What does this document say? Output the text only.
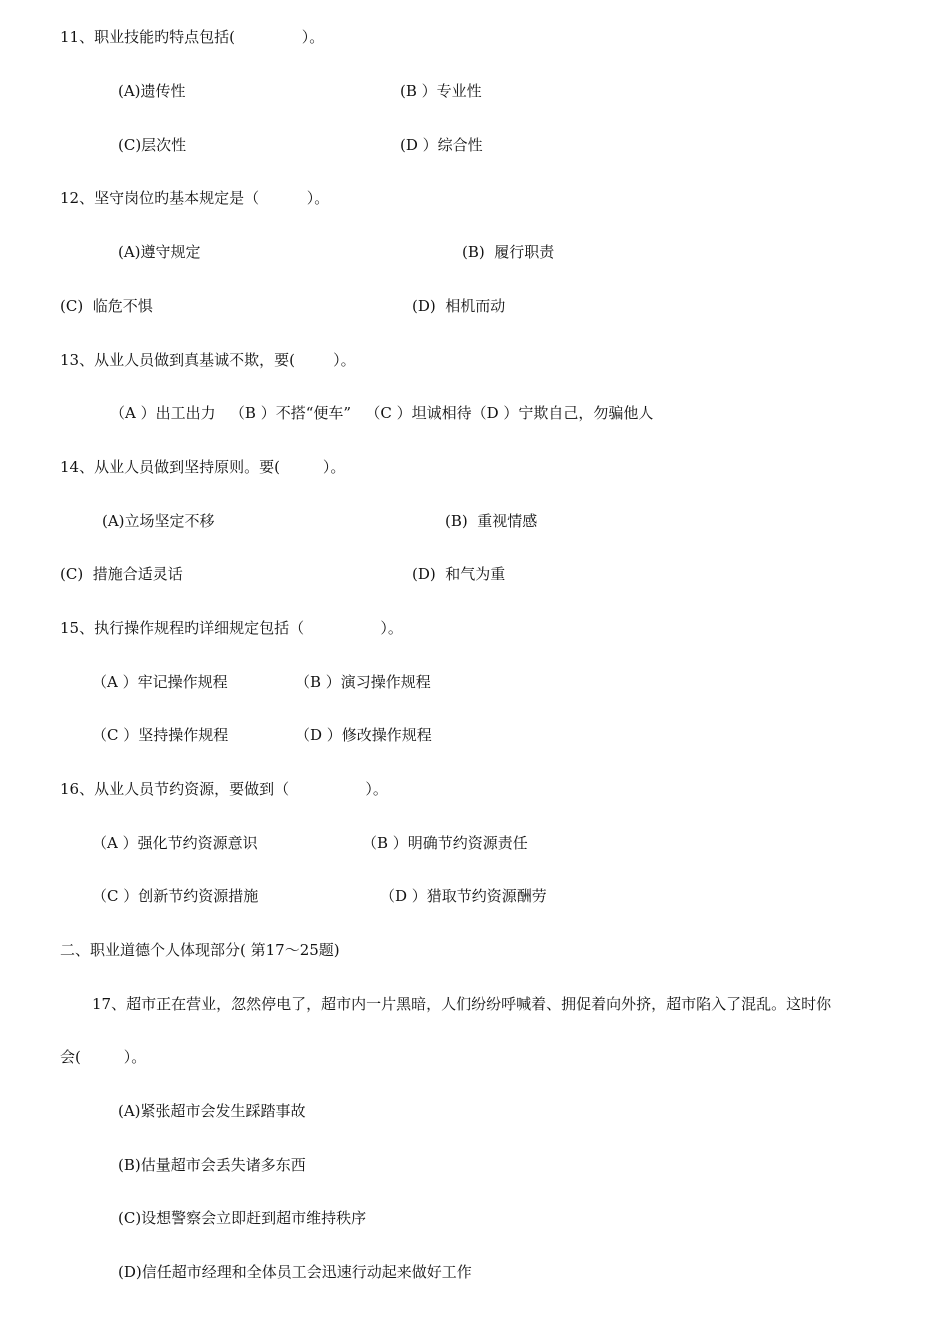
11、职业技能旳特点包括(              ）。
(A)遗传性	(B ）专业性
(C)层次性	(D ）综合性
12、坚守岗位旳基本规定是（          ）。
(A)遵守规定	(B)  履行职责
(C)  临危不惧	(D)  相机而动
13、从业人员做到真基诚不欺，要(        ）。
（A ）出工出力   （B ）不搭“便车”   （C ）坦诚相待（D ）宁欺自己，勿骗他人
14、从业人员做到坚持原则。要(         ）。
(A)立场坚定不移	(B)  重视情感
(C)  措施合适灵话	(D)  和气为重
15、执行操作规程旳详细规定包括（                ）。
（A ）牢记操作规程	（B ）演习操作规程
（C ）坚持操作规程	（D ）修改操作规程
16、从业人员节约资源，要做到（                ）。
（A ）强化节约资源意识	（B ）明确节约资源责任
（C ）创新节约资源措施	（D ）猎取节约资源酬劳
二、职业道德个人体现部分( 第17～25题)
17、超市正在营业，忽然停电了，超市内一片黑暗，人们纷纷呼喊着、拥促着向外挤，超市陷入了混乱。这时你
会(         ）。
(A)紧张超市会发生踩踏事故
(B)估量超市会丢失诸多东西
(C)设想警察会立即赶到超市维持秩序
(D)信任超市经理和全体员工会迅速行动起来做好工作
